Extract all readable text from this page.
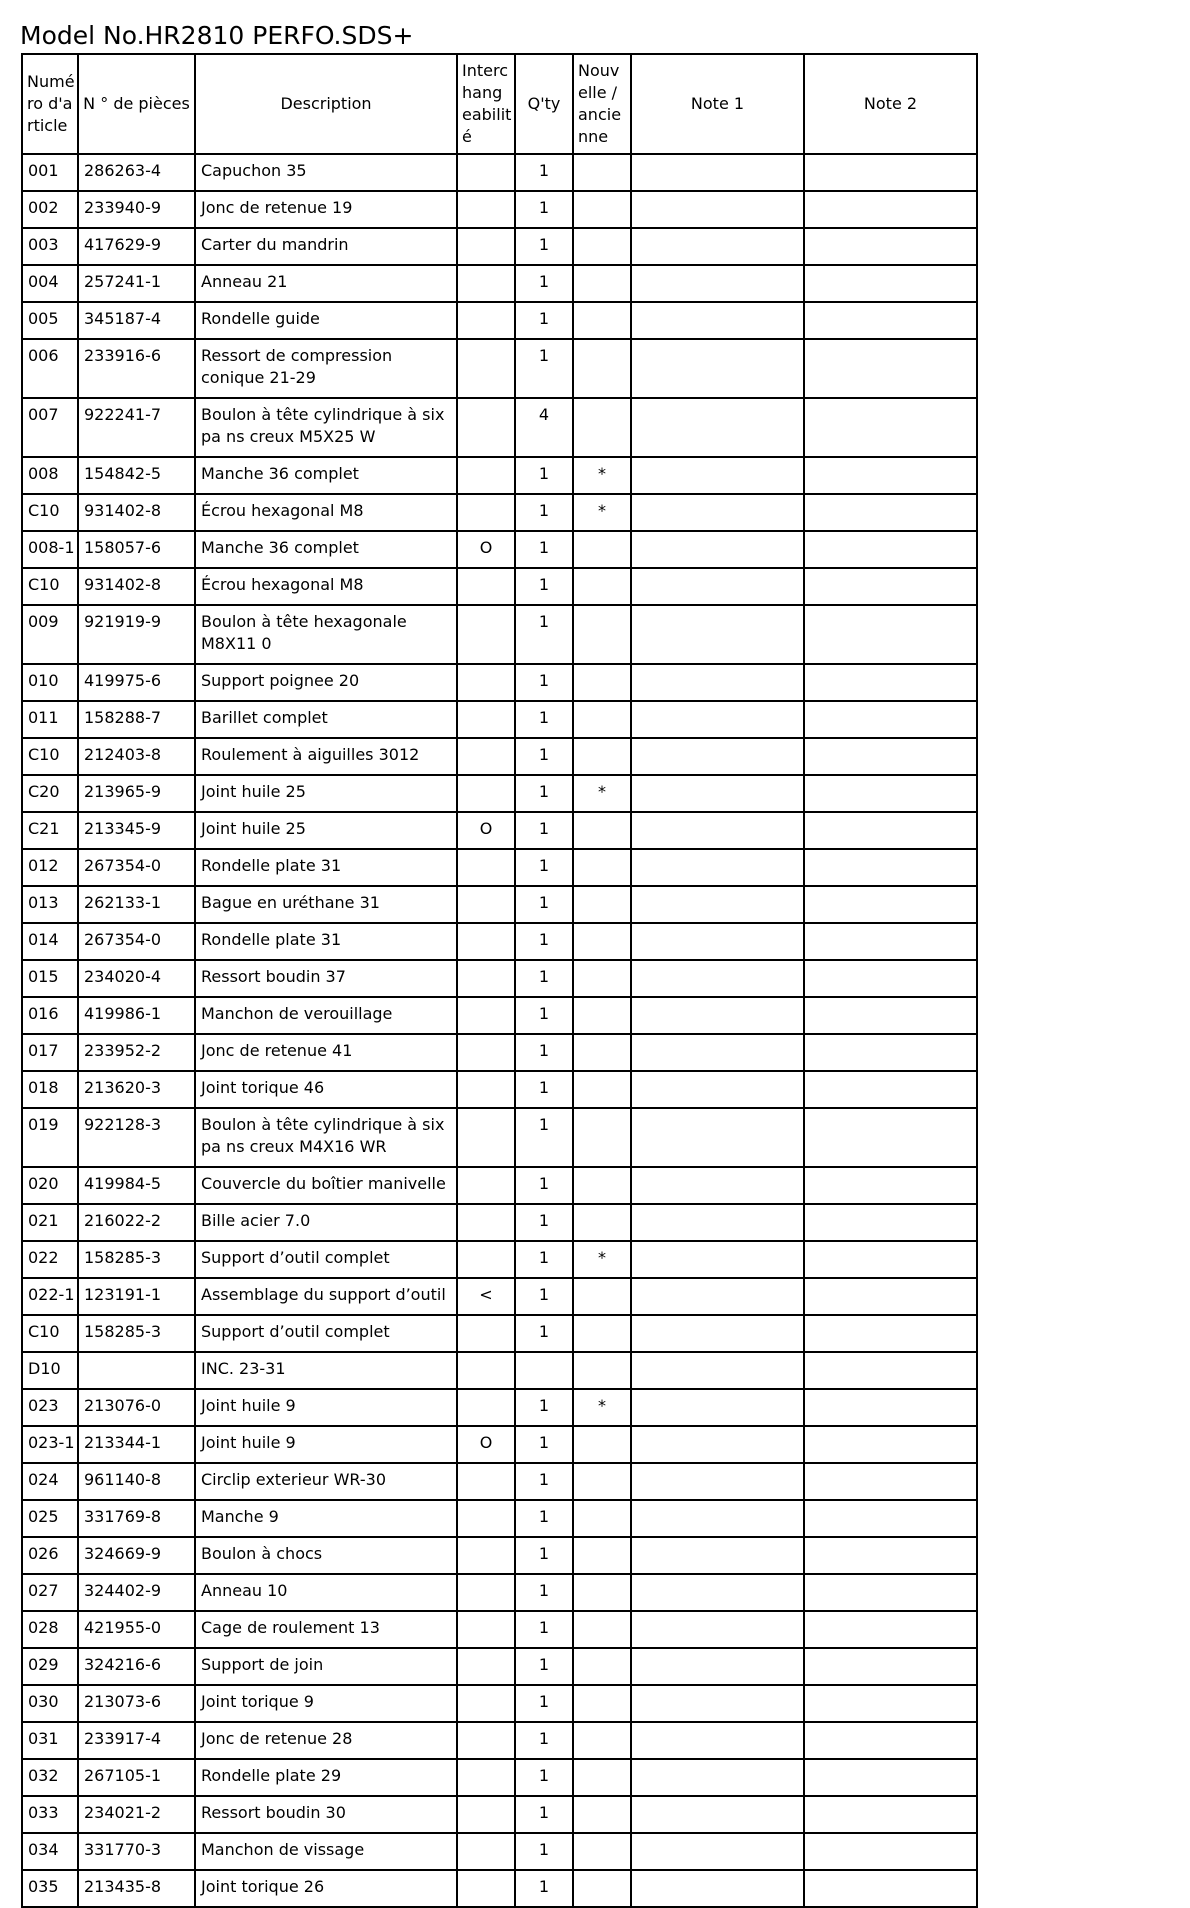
Model No.HR2810 PERFO.SDS+
Numé ro d'a rticle	N ° de pièces	Description	Interc hang eabilit é	Q'ty	Nouv elle / ancie nne	Note 1	Note 2
001	286263-4	Capuchon 35		1			
002	233940-9	Jonc de retenue 19		1			
003	417629-9	Carter du mandrin		1			
004	257241-1	Anneau 21		1			
005	345187-4	Rondelle guide		1			
006	233916-6	Ressort de compression conique 21-29		1			
007	922241-7	Boulon à tête cylindrique à six pa ns creux M5X25 W		4			
008	154842-5	Manche 36 complet		1	*		
C10	931402-8	Écrou hexagonal M8		1	*		
008-1	158057-6	Manche 36 complet	O	1			
C10	931402-8	Écrou hexagonal M8		1			
009	921919-9	Boulon à tête hexagonale M8X11 0		1			
010	419975-6	Support poignee 20		1			
011	158288-7	Barillet complet		1			
C10	212403-8	Roulement à aiguilles 3012		1			
C20	213965-9	Joint huile 25		1	*		
C21	213345-9	Joint huile 25	O	1			
012	267354-0	Rondelle plate 31		1			
013	262133-1	Bague en uréthane 31		1			
014	267354-0	Rondelle plate 31		1			
015	234020-4	Ressort boudin 37		1			
016	419986-1	Manchon de verouillage		1			
017	233952-2	Jonc de retenue 41		1			
018	213620-3	Joint torique 46		1			
019	922128-3	Boulon à tête cylindrique à six pa ns creux M4X16 WR		1			
020	419984-5	Couvercle du boîtier manivelle		1			
021	216022-2	Bille acier 7.0		1			
022	158285-3	Support d’outil complet		1	*		
022-1	123191-1	Assemblage du support d’outil	<	1			
C10	158285-3	Support d’outil complet		1			
D10		INC. 23-31					
023	213076-0	Joint huile 9		1	*		
023-1	213344-1	Joint huile 9	O	1			
024	961140-8	Circlip exterieur WR-30		1			
025	331769-8	Manche 9		1			
026	324669-9	Boulon à chocs		1			
027	324402-9	Anneau 10		1			
028	421955-0	Cage de roulement 13		1			
029	324216-6	Support de join		1			
030	213073-6	Joint torique 9		1			
031	233917-4	Jonc de retenue 28		1			
032	267105-1	Rondelle plate 29		1			
033	234021-2	Ressort boudin 30		1			
034	331770-3	Manchon de vissage		1			
035	213435-8	Joint torique 26		1			
